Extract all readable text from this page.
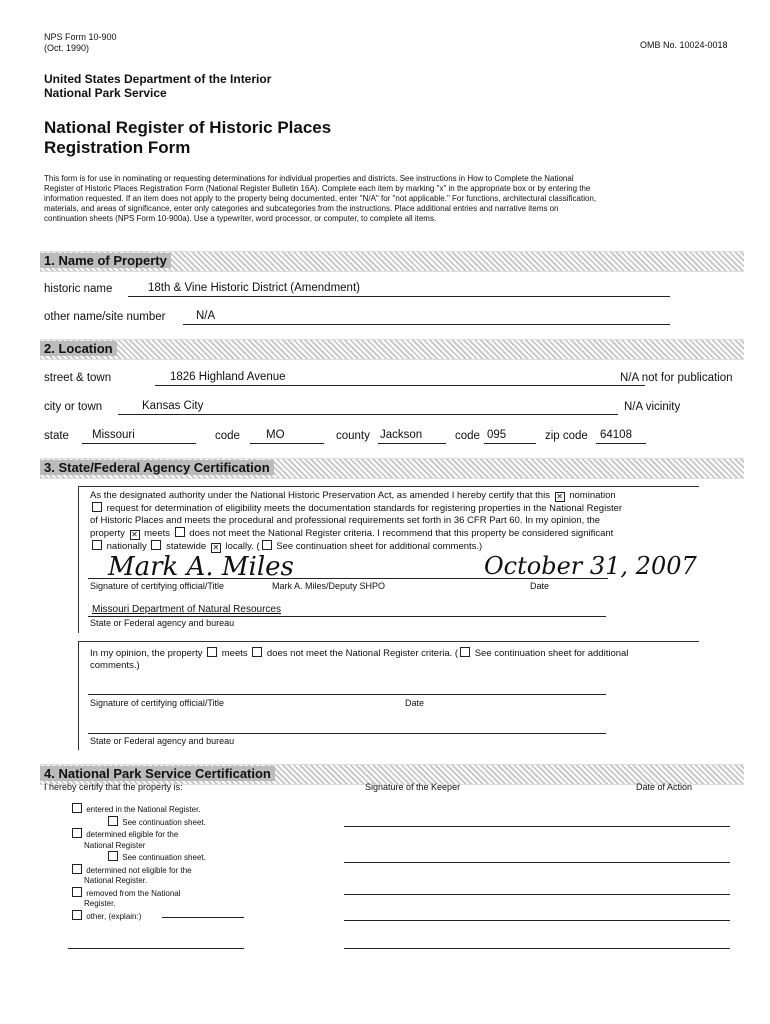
NPS Form 10-900
(Oct. 1990)	OMB No. 10024-0018
United States Department of the Interior
National Park Service
National Register of Historic Places
Registration Form
This form is for use in nominating or requesting determinations for individual properties and districts. See instructions in How to Complete the National
Register of Historic Places Registration Form (National Register Bulletin 16A). Complete each item by marking "x" in the appropriate box or by entering the
information requested. If an item does not apply to the property being documented, enter "N/A" for "not applicable." For functions, architectural classification,
materials, and areas of significance, enter only categories and subcategories from the instructions. Place additional entries and narrative items on
continuation sheets (NPS Form 10-900a). Use a typewriter, word processor, or computer, to complete all items.
1. Name of Property
historic name	18th & Vine Historic District (Amendment)
other name/site number	N/A
2. Location
street & town	1826 Highland Avenue	N/A not for publication
city or town	Kansas City	N/A vicinity
state Missouri	code MO	county Jackson	code 095	zip code 64108
3. State/Federal Agency Certification
As the designated authority under the National Historic Preservation Act, as amended I hereby certify that this ✕ nomination
request for determination of eligibility meets the documentation standards for registering properties in the National Register
of Historic Places and meets the procedural and professional requirements set forth in 36 CFR Part 60. In my opinion, the
property ✕ meets does not meet the National Register criteria. I recommend that this property be considered significant
nationally statewide ✕ locally. ( See continuation sheet for additional comments.)
Mark A. Miles	October 31, 2007
Signature of certifying official/Title	Mark A. Miles/Deputy SHPO	Date
Missouri Department of Natural Resources
State or Federal agency and bureau
In my opinion, the property meets does not meet the National Register criteria. ( See continuation sheet for additional
comments.)
Signature of certifying official/Title	Date
State or Federal agency and bureau
4. National Park Service Certification
I hereby certify that the property is:	Signature of the Keeper	Date of Action
entered in the National Register.
See continuation sheet.
determined eligible for the
National Register
See continuation sheet.
determined not eligible for the
National Register.
removed from the National
Register.
other, (explain:)
